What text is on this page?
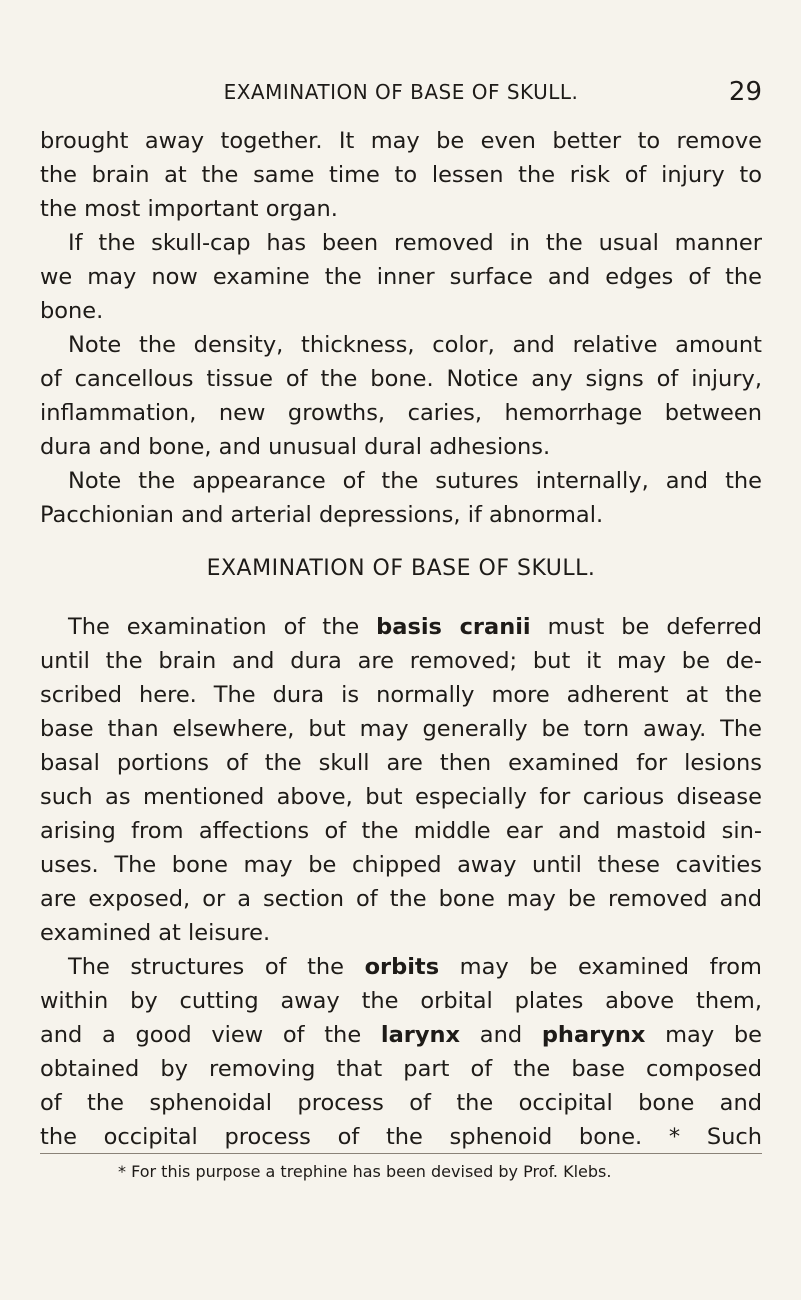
EXAMINATION OF BASE OF SKULL.	29
brought away together. It may be even better to remove
the brain at the same time to lessen the risk of injury to
the most important organ.
If the skull-cap has been removed in the usual manner
we may now examine the inner surface and edges of the
bone.
Note the density, thickness, color, and relative amount
of cancellous tissue of the bone. Notice any signs of injury,
inflammation, new growths, caries, hemorrhage between
dura and bone, and unusual dural adhesions.
Note the appearance of the sutures internally, and the
Pacchionian and arterial depressions, if abnormal.
EXAMINATION OF BASE OF SKULL.
The examination of the basis cranii must be deferred
until the brain and dura are removed; but it may be de-
scribed here. The dura is normally more adherent at the
base than elsewhere, but may generally be torn away. The
basal portions of the skull are then examined for lesions
such as mentioned above, but especially for carious disease
arising from affections of the middle ear and mastoid sin-
uses. The bone may be chipped away until these cavities
are exposed, or a section of the bone may be removed and
examined at leisure.
The structures of the orbits may be examined from
within by cutting away the orbital plates above them,
and a good view of the larynx and pharynx may be
obtained by removing that part of the base composed
of the sphenoidal process of the occipital bone and
the occipital process of the sphenoid bone. * Such
* For this purpose a trephine has been devised by Prof. Klebs.
